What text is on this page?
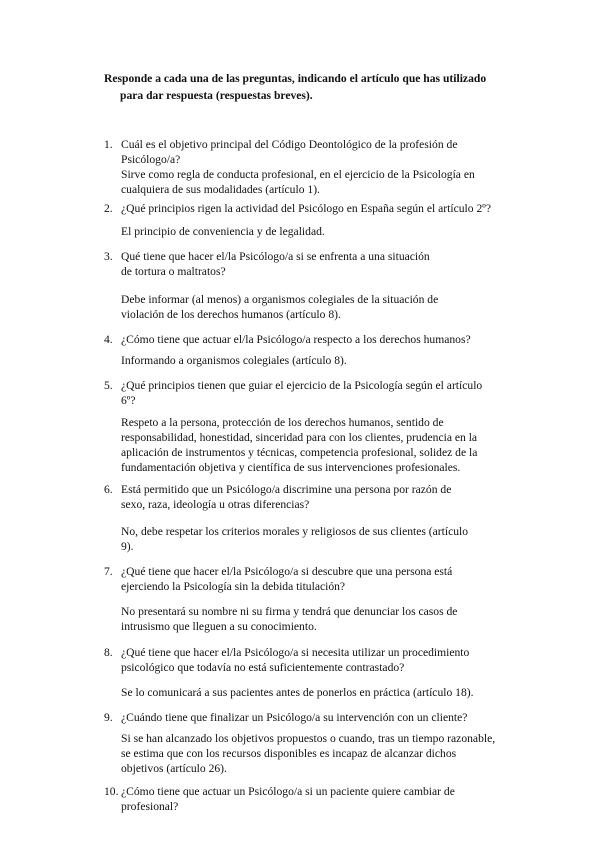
Responde a cada una de las preguntas, indicando el artículo que has utilizado
para dar respuesta (respuestas breves).
1. Cuál es el objetivo principal del Código Deontológico de la profesión de
Psicólogo/a?
Sirve como regla de conducta profesional, en el ejercicio de la Psicología en
cualquiera de sus modalidades (artículo 1).
2. ¿Qué principios rigen la actividad del Psicólogo en España según el artículo 2º?
El principio de conveniencia y de legalidad.
3. Qué tiene que hacer el/la Psicólogo/a si se enfrenta a una situación
de tortura o maltratos?
Debe informar (al menos) a organismos colegiales de la situación de
violación de los derechos humanos (artículo 8).
4. ¿Cómo tiene que actuar el/la Psicólogo/a respecto a los derechos humanos?
Informando a organismos colegiales (artículo 8).
5. ¿Qué principios tienen que guiar el ejercicio de la Psicología según el artículo
6º?
Respeto a la persona, protección de los derechos humanos, sentido de
responsabilidad, honestidad, sinceridad para con los clientes, prudencia en la
aplicación de instrumentos y técnicas, competencia profesional, solidez de la
fundamentación objetiva y científica de sus intervenciones profesionales.
6. Está permitido que un Psicólogo/a discrimine una persona por razón de
sexo, raza, ideología u otras diferencias?
No, debe respetar los criterios morales y religiosos de sus clientes (artículo
9).
7. ¿Qué tiene que hacer el/la Psicólogo/a si descubre que una persona está
ejerciendo la Psicología sin la debida titulación?
No presentará su nombre ni su firma y tendrá que denunciar los casos de
intrusismo que lleguen a su conocimiento.
8. ¿Qué tiene que hacer el/la Psicólogo/a si necesita utilizar un procedimiento
psicológico que todavía no está suficientemente contrastado?
Se lo comunicará a sus pacientes antes de ponerlos en práctica (artículo 18).
9. ¿Cuándo tiene que finalizar un Psicólogo/a su intervención con un cliente?
Si se han alcanzado los objetivos propuestos o cuando, tras un tiempo razonable,
se estima que con los recursos disponibles es incapaz de alcanzar dichos
objetivos (artículo 26).
10. ¿Cómo tiene que actuar un Psicólogo/a si un paciente quiere cambiar de
profesional?
